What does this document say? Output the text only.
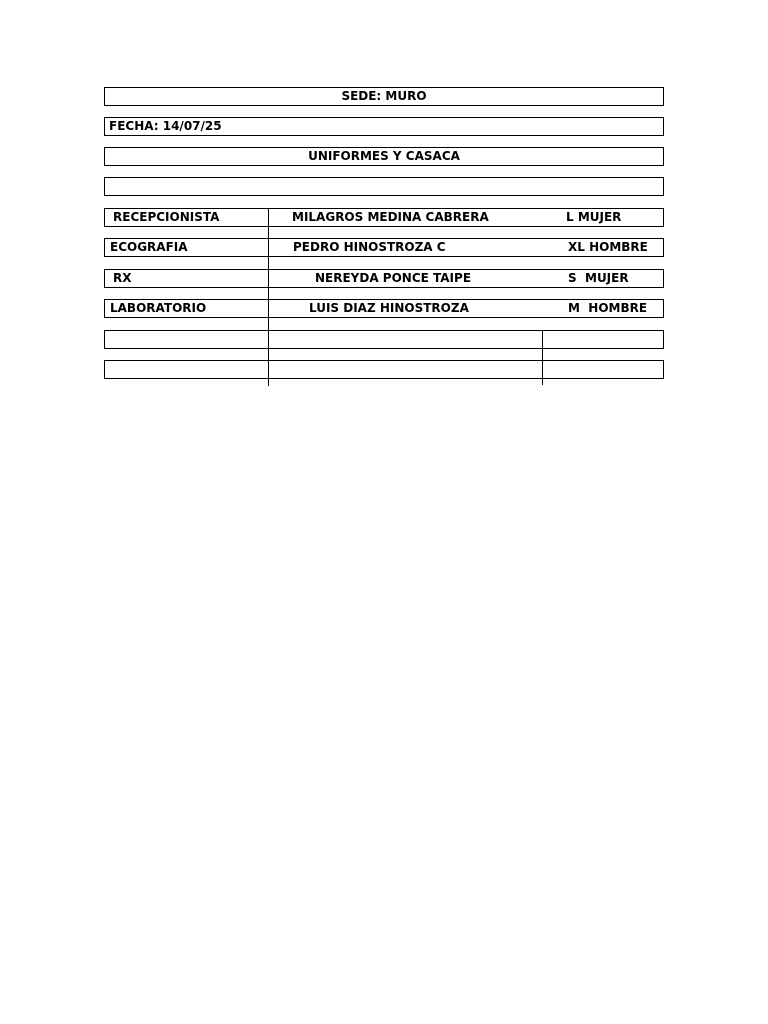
SEDE: MURO
FECHA: 14/07/25
UNIFORMES Y CASACA
RECEPCIONISTA	MILAGROS MEDINA CABRERA	L MUJER
ECOGRAFIA	PEDRO HINOSTROZA C	XL HOMBRE
RX	NEREYDA PONCE TAIPE	S  MUJER
LABORATORIO	LUIS DIAZ HINOSTROZA	M  HOMBRE
